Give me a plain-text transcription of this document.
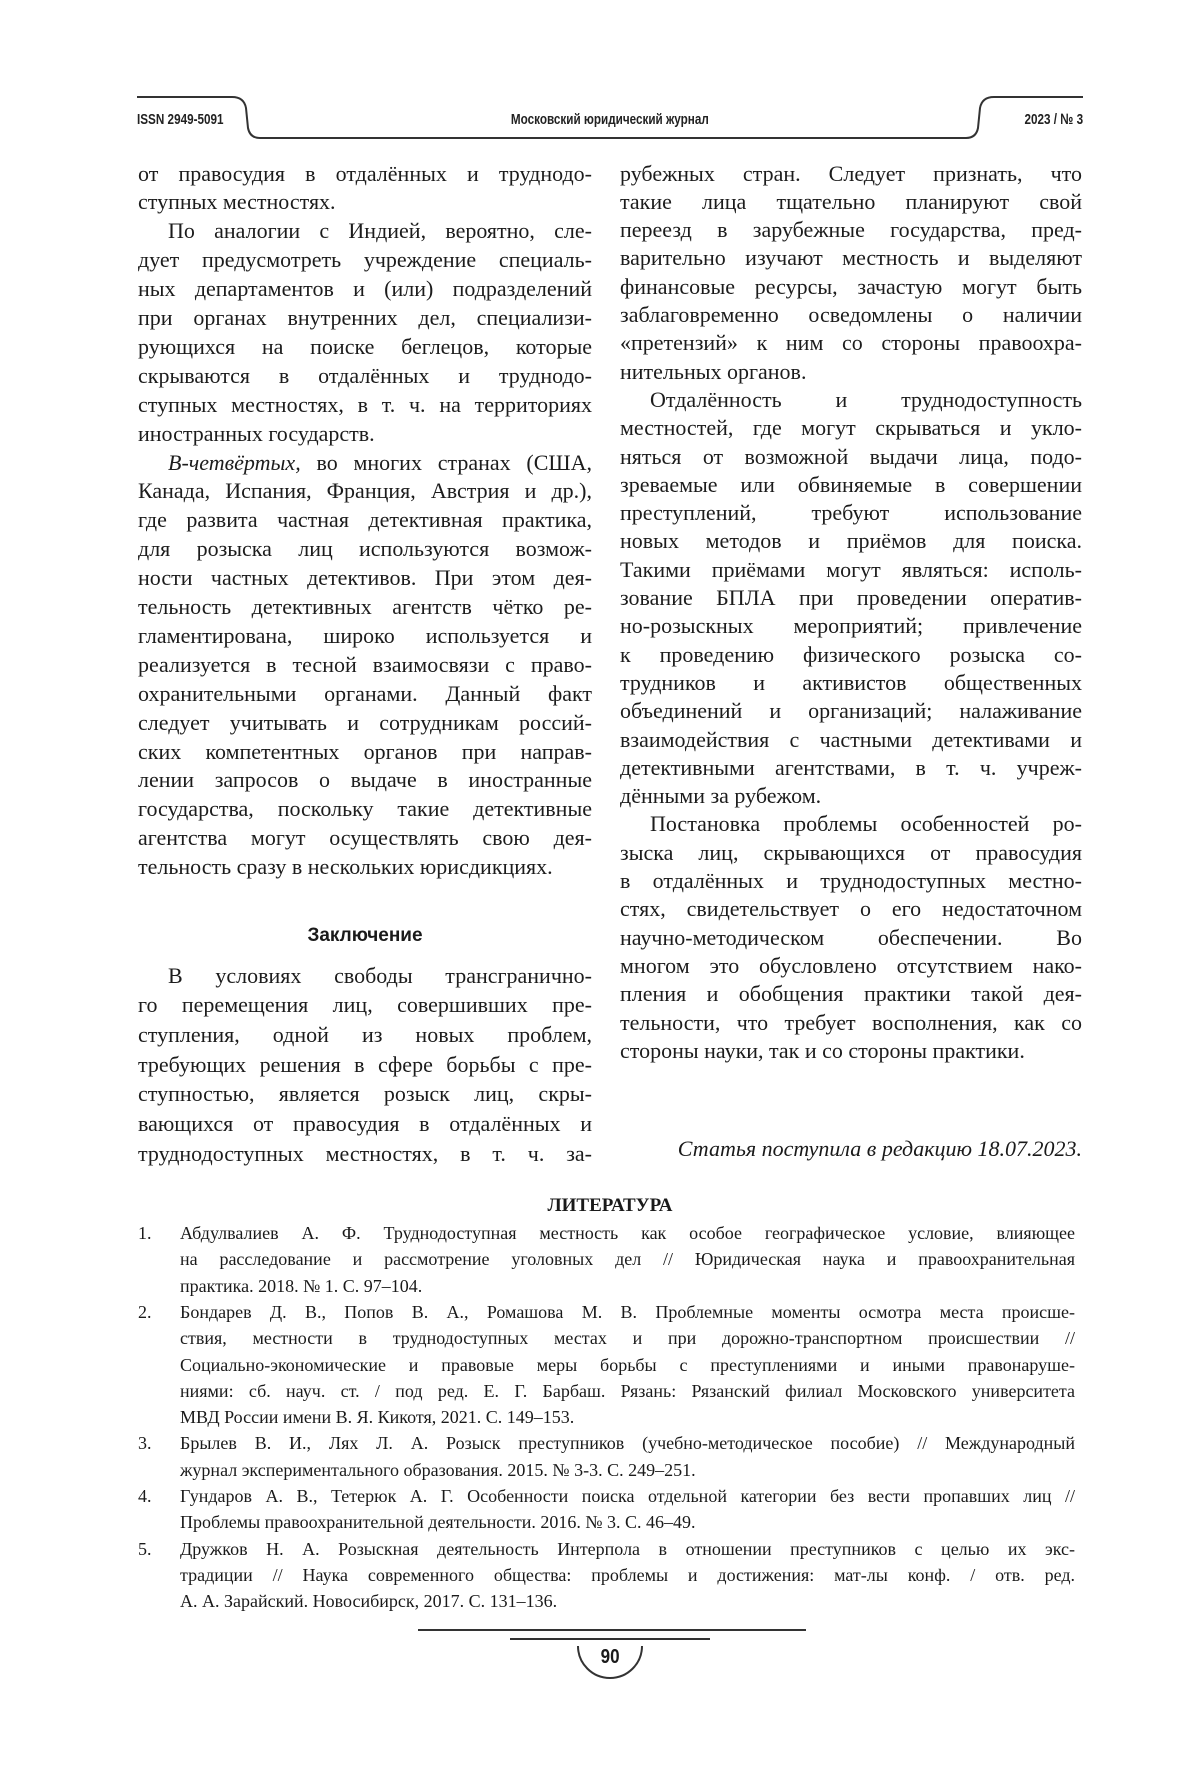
ISSN 2949-5091	Московский юридический журнал	2023 / № 3
от правосудия в отдалённых и труднодо-
ступных местностях.
По аналогии с Индией, вероятно, сле-
дует предусмотреть учреждение специаль-
ных департаментов и (или) подразделений
при органах внутренних дел, специализи-
рующихся на поиске беглецов, которые
скрываются в отдалённых и труднодо-
ступных местностях, в т. ч. на территориях
иностранных государств.
В-четвёртых, во многих странах (США,
Канада, Испания, Франция, Австрия и др.),
где развита частная детективная практика,
для розыска лиц используются возмож-
ности частных детективов. При этом дея-
тельность детективных агентств чётко ре-
гламентирована, широко используется и
реализуется в тесной взаимосвязи с право-
охранительными органами. Данный факт
следует учитывать и сотрудникам россий-
ских компетентных органов при направ-
лении запросов о выдаче в иностранные
государства, поскольку такие детективные
агентства могут осуществлять свою дея-
тельность сразу в нескольких юрисдикциях.
В условиях свободы трансгранично-
го перемещения лиц, совершивших пре-
ступления, одной из новых проблем,
требующих решения в сфере борьбы с пре-
ступностью, является розыск лиц, скры-
вающихся от правосудия в отдалённых и
труднодоступных местностях, в т. ч. за-
Заключение
рубежных стран. Следует признать, что
такие лица тщательно планируют свой
переезд в зарубежные государства, пред-
варительно изучают местность и выделяют
финансовые ресурсы, зачастую могут быть
заблаговременно осведомлены о наличии
«претензий» к ним со стороны правоохра-
нительных органов.
Отдалённость и труднодоступность
местностей, где могут скрываться и укло-
няться от возможной выдачи лица, подо-
зреваемые или обвиняемые в совершении
преступлений, требуют использование
новых методов и приёмов для поиска.
Такими приёмами могут являться: исполь-
зование БПЛА при проведении оператив-
но-розыскных мероприятий; привлечение
к проведению физического розыска со-
трудников и активистов общественных
объединений и организаций; налаживание
взаимодействия с частными детективами и
детективными агентствами, в т. ч. учреж-
дёнными за рубежом.
Постановка проблемы особенностей ро-
зыска лиц, скрывающихся от правосудия
в отдалённых и труднодоступных местно-
стях, свидетельствует о его недостаточном
научно-методическом обеспечении. Во
многом это обусловлено отсутствием нако-
пления и обобщения практики такой дея-
тельности, что требует восполнения, как со
стороны науки, так и со стороны практики.
Статья поступила в редакцию 18.07.2023.
ЛИТЕРАТУРА
1. Абдулвалиев А. Ф. Труднодоступная местность как особое географическое условие, влияющее
на расследование и рассмотрение уголовных дел // Юридическая наука и правоохранительная
практика. 2018. № 1. С. 97–104.
2. Бондарев Д. В., Попов В. А., Ромашова М. В. Проблемные моменты осмотра места происше-
ствия, местности в труднодоступных местах и при дорожно-транспортном происшествии //
Социально-экономические и правовые меры борьбы с преступлениями и иными правонаруше-
ниями: сб. науч. ст. / под ред. Е. Г. Барбаш. Рязань: Рязанский филиал Московского университета
МВД России имени В. Я. Кикотя, 2021. С. 149–153.
3. Брылев В. И., Лях Л. А. Розыск преступников (учебно-методическое пособие) // Международный
журнал экспериментального образования. 2015. № 3-3. С. 249–251.
4. Гундаров А. В., Тетерюк А. Г. Особенности поиска отдельной категории без вести пропавших лиц //
Проблемы правоохранительной деятельности. 2016. № 3. С. 46–49.
5. Дружков Н. А. Розыскная деятельность Интерпола в отношении преступников с целью их экс-
традиции // Наука современного общества: проблемы и достижения: мат-лы конф. / отв. ред.
А. А. Зарайский. Новосибирск, 2017. С. 131–136.
90
